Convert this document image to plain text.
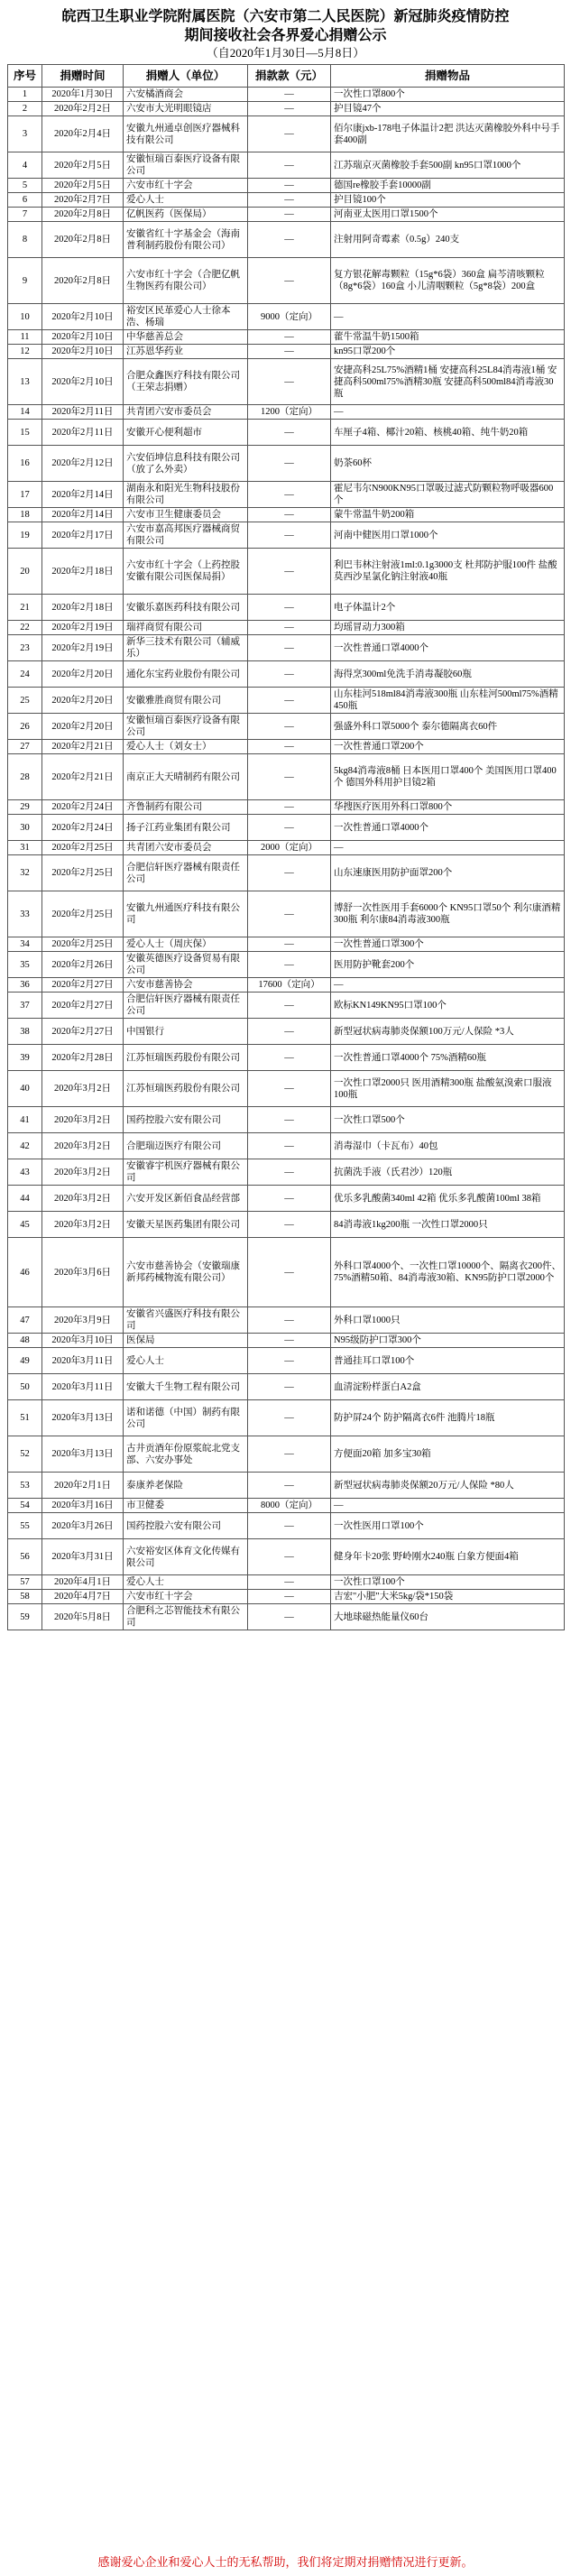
皖西卫生职业学院附属医院（六安市第二人民医院）新冠肺炎疫情防控
期间接收社会各界爱心捐赠公示
（自2020年1月30日—5月8日）
序号	捐赠时间	捐赠人（单位）	捐款款（元）	捐赠物品
1	2020年1月30日	六安橘酒商会	—	一次性口罩800个
2	2020年2月2日	六安市大光明眼镜店	—	护目镜47个
3	2020年2月4日	安徽九州通卓创医疗器械科技有限公司	—	佰尔康jxb-178电子体温计2把 洪达灭菌橡胶外科中号手套400副
4	2020年2月5日	安徽恒瑞百泰医疗设备有限公司	—	江苏瑞京灭菌橡胶手套500副 kn95口罩1000个
5	2020年2月5日	六安市红十字会	—	德国re橡胶手套10000副
6	2020年2月7日	爱心人士	—	护目镜100个
7	2020年2月8日	亿帆医药（医保局）	—	河南亚太医用口罩1500个
8	2020年2月8日	安徽省红十字基金会（海南普利制药股份有限公司）	—	注射用阿奇霉素（0.5g）240支
9	2020年2月8日	六安市红十字会（合肥亿帆生物医药有限公司）	—	复方银花解毒颗粒（15g*6袋）360盒 扁芩清咳颗粒（8g*6袋）160盒 小儿清咽颗粒（5g*8袋）200盒
10	2020年2月10日	裕安区民革爱心人士徐本浩、杨瑞	9000（定向）	—
11	2020年2月10日	中华慈善总会	—	藿牛常温牛奶1500箱
12	2020年2月10日	江苏恩华药业	—	kn95口罩200个
13	2020年2月10日	合肥众鑫医疗科技有限公司（王荣志捐赠）	—	安捷高科25L75%酒精1桶 安捷高科25L84消毒液1桶 安捷高科500ml75%酒精30瓶 安捷高科500ml84消毒液30瓶
14	2020年2月11日	共青团六安市委员会	1200（定向）	—
15	2020年2月11日	安徽开心便利超市	—	车厘子4箱、椰汁20箱、核桃40箱、纯牛奶20箱
16	2020年2月12日	六安佰坤信息科技有限公司（放了么外卖）	—	奶茶60杯
17	2020年2月14日	湖南永和阳光生物科技股份有限公司	—	霍尼韦尔N900KN95口罩吸过滤式防颗粒物呼吸器600个
18	2020年2月14日	六安市卫生健康委员会	—	蒙牛常温牛奶200箱
19	2020年2月17日	六安市嘉高邦医疗器械商贸有限公司	—	河南中健医用口罩1000个
20	2020年2月18日	六安市红十字会（上药控股安徽有限公司医保局捐）	—	利巴韦林注射液1ml:0.1g3000支 杜邦防护服100件 盐酸莫西沙星氯化钠注射液40瓶
21	2020年2月18日	安徽乐嘉医药科技有限公司	—	电子体温计2个
22	2020年2月19日	瑞祥商贸有限公司	—	均瑶冒动力300箱
23	2020年2月19日	新华三技术有限公司（辅威乐）	—	一次性普通口罩4000个
24	2020年2月20日	通化东宝药业股份有限公司	—	海得烹300ml免洗手消毒凝胶60瓶
25	2020年2月20日	安徽雅胜商贸有限公司	—	山东桂河518ml84消毒液300瓶 山东桂河500ml75%酒精450瓶
26	2020年2月20日	安徽恒瑞百泰医疗设备有限公司	—	强盛外科口罩5000个 泰尔德隔离衣60件
27	2020年2月21日	爱心人士（刘女士）	—	一次性普通口罩200个
28	2020年2月21日	南京正大天晴制药有限公司	—	5kg84消毒液8桶 日本医用口罩400个 美国医用口罩400个 德国外科用护目镜2箱
29	2020年2月24日	齐鲁制药有限公司	—	华搜医疗医用外科口罩800个
30	2020年2月24日	扬子江药业集团有限公司	—	一次性普通口罩4000个
31	2020年2月25日	共青团六安市委员会	2000（定向）	—
32	2020年2月25日	合肥信轩医疗器械有限责任公司	—	山东速康医用防护面罩200个
33	2020年2月25日	安徽九州通医疗科技有限公司	—	博舒一次性医用手套6000个 KN95口罩50个 利尔康酒精300瓶 利尔康84消毒液300瓶
34	2020年2月25日	爱心人士（周庆保）	—	一次性普通口罩300个
35	2020年2月26日	安徽英德医疗设备贸易有限公司	—	医用防护靴套200个
36	2020年2月27日	六安市慈善协会	17600（定向）	—
37	2020年2月27日	合肥信轩医疗器械有限责任公司	—	欧标KN149KN95口罩100个
38	2020年2月27日	中国银行	—	新型冠状病毒肺炎保额100万元/人保险 *3人
39	2020年2月28日	江苏恒瑞医药股份有限公司	—	一次性普通口罩4000个 75%酒精60瓶
40	2020年3月2日	江苏恒瑞医药股份有限公司	—	一次性口罩2000只 医用酒精300瓶 盐酸氨溴索口服液100瓶
41	2020年3月2日	国药控股六安有限公司	—	一次性口罩500个
42	2020年3月2日	合肥瑞迈医疗有限公司	—	消毒湿巾（卡瓦布）40包
43	2020年3月2日	安徽睿宇机医疗器械有限公司	—	抗菌洗手液（氏君沙）120瓶
44	2020年3月2日	六安开发区新佰食品经营部	—	优乐多乳酸菌340ml 42箱 优乐多乳酸菌100ml 38箱
45	2020年3月2日	安徽天星医药集团有限公司	—	84消毒液1kg200瓶 一次性口罩2000只
46	2020年3月6日	六安市慈善协会（安徽瑞康新邦药械物流有限公司）	—	外科口罩4000个、一次性口罩10000个、隔离衣200件、75%酒精50箱、84消毒液30箱、KN95防护口罩2000个
47	2020年3月9日	安徽省兴盛医疗科技有限公司	—	外科口罩1000只
48	2020年3月10日	医保局	—	N95级防护口罩300个
49	2020年3月11日	爱心人士	—	普通挂耳口罩100个
50	2020年3月11日	安徽大千生物工程有限公司	—	血清淀粉样蛋白A2盒
51	2020年3月13日	诺和诺德（中国）制药有限公司	—	防护屏24个 防护隔离衣6件 池腾片18瓶
52	2020年3月13日	古井贡酒年份原浆皖北党支部、六安办事处	—	方便面20箱 加多宝30箱
53	2020年2月1日	泰康养老保险	—	新型冠状病毒肺炎保额20万元/人保险 *80人
54	2020年3月16日	市卫健委	8000（定向）	—
55	2020年3月26日	国药控股六安有限公司	—	一次性医用口罩100个
56	2020年3月31日	六安裕安区体育文化传媒有限公司	—	健身年卡20张 野岭刚水240瓶 白象方便面4箱
57	2020年4月1日	爱心人士	—	一次性口罩100个
58	2020年4月7日	六安市红十字会	—	吉宏"小肥"大米5kg/袋*150袋
59	2020年5月8日	合肥科之芯智能技术有限公司	—	大地球磁热能量仪60台
感谢爱心企业和爱心人士的无私帮助，我们将定期对捐赠情况进行更新。
